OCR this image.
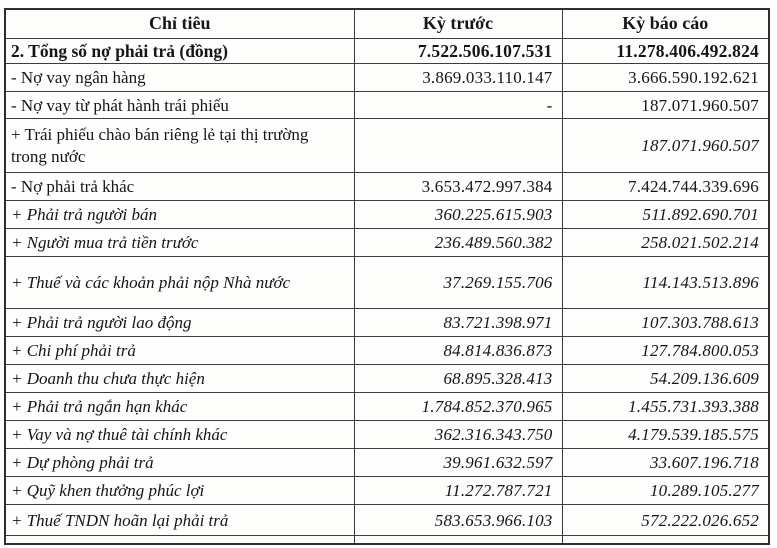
Chỉ tiêu	Kỳ trước	Kỳ báo cáo
2. Tổng số nợ phải trả (đồng)	7.522.506.107.531	11.278.406.492.824
- Nợ vay ngân hàng	3.869.033.110.147	3.666.590.192.621
- Nợ vay từ phát hành trái phiếu	-	187.071.960.507
+ Trái phiếu chào bán riêng lẻ tại thị trường trong nước		187.071.960.507
- Nợ phải trả khác	3.653.472.997.384	7.424.744.339.696
+ Phải trả người bán	360.225.615.903	511.892.690.701
+ Người mua trả tiền trước	236.489.560.382	258.021.502.214
+ Thuế và các khoản phải nộp Nhà nước	37.269.155.706	114.143.513.896
+ Phải trả người lao động	83.721.398.971	107.303.788.613
+ Chi phí phải trả	84.814.836.873	127.784.800.053
+ Doanh thu chưa thực hiện	68.895.328.413	54.209.136.609
+ Phải trả ngắn hạn khác	1.784.852.370.965	1.455.731.393.388
+ Vay và nợ thuê tài chính khác	362.316.343.750	4.179.539.185.575
+ Dự phòng phải trả	39.961.632.597	33.607.196.718
+ Quỹ khen thưởng phúc lợi	11.272.787.721	10.289.105.277
+ Thuế TNDN hoãn lại phải trả	583.653.966.103	572.222.026.652
